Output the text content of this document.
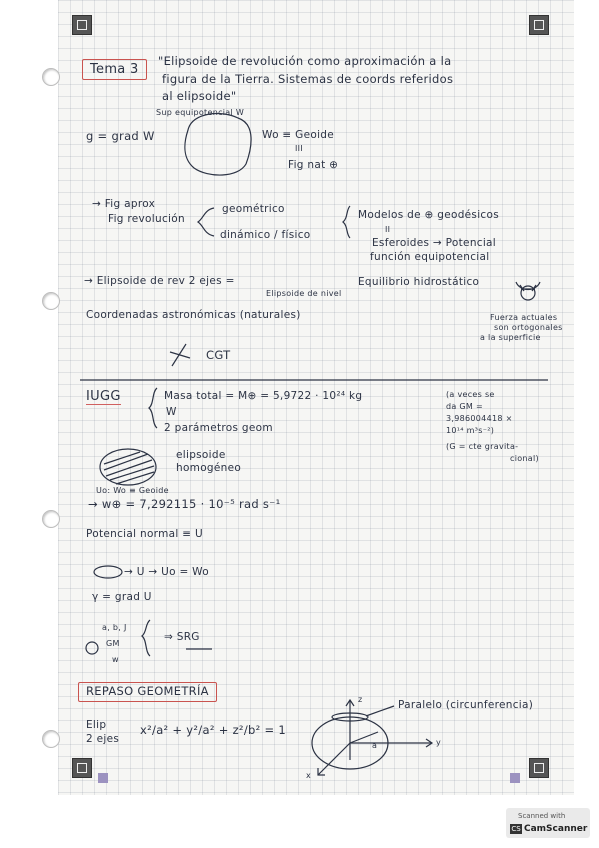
Tema 3
"Elipsoide de revolución como aproximación a la
figura de la Tierra. Sistemas de coords referidos
al elipsoide"
Sup equipotencial W
g = grad W	Wo ≡ Geoide
III
Fig nat ⊕
→ Fig aprox
Fig revolución
geométrico
dinámico / físico
Modelos de ⊕ geodésicos
II
Esferoides → Potencial
función equipotencial
→ Elipsoide de rev 2 ejes =
Elipsoide de nivel
Equilibrio hidrostático
Fuerza actuales
son ortogonales
a la superficie
Coordenadas astronómicas (naturales)
CGT
IUGG	Masa total = M⊕ = 5,9722 · 10²⁴ kg
W
2 parámetros geom
(a veces se
da GM =
3,986004418 ×
10¹⁴ m³s⁻²)
(G = cte gravita-
cional)
elipsoide
homogéneo
Uo: Wo ≡ Geoide
→ w⊕ = 7,292115 · 10⁻⁵ rad s⁻¹
Potencial normal ≡ U
→ U → Uo = Wo
γ = grad U
a, b, J
GM
w
⇒ SRG
REPASO GEOMETRÍA
Elip
2 ejes
x²/a² + y²/a² + z²/b² = 1
z
y
x
a
Paralelo (circunferencia)
Scanned with
CS CamScanner
